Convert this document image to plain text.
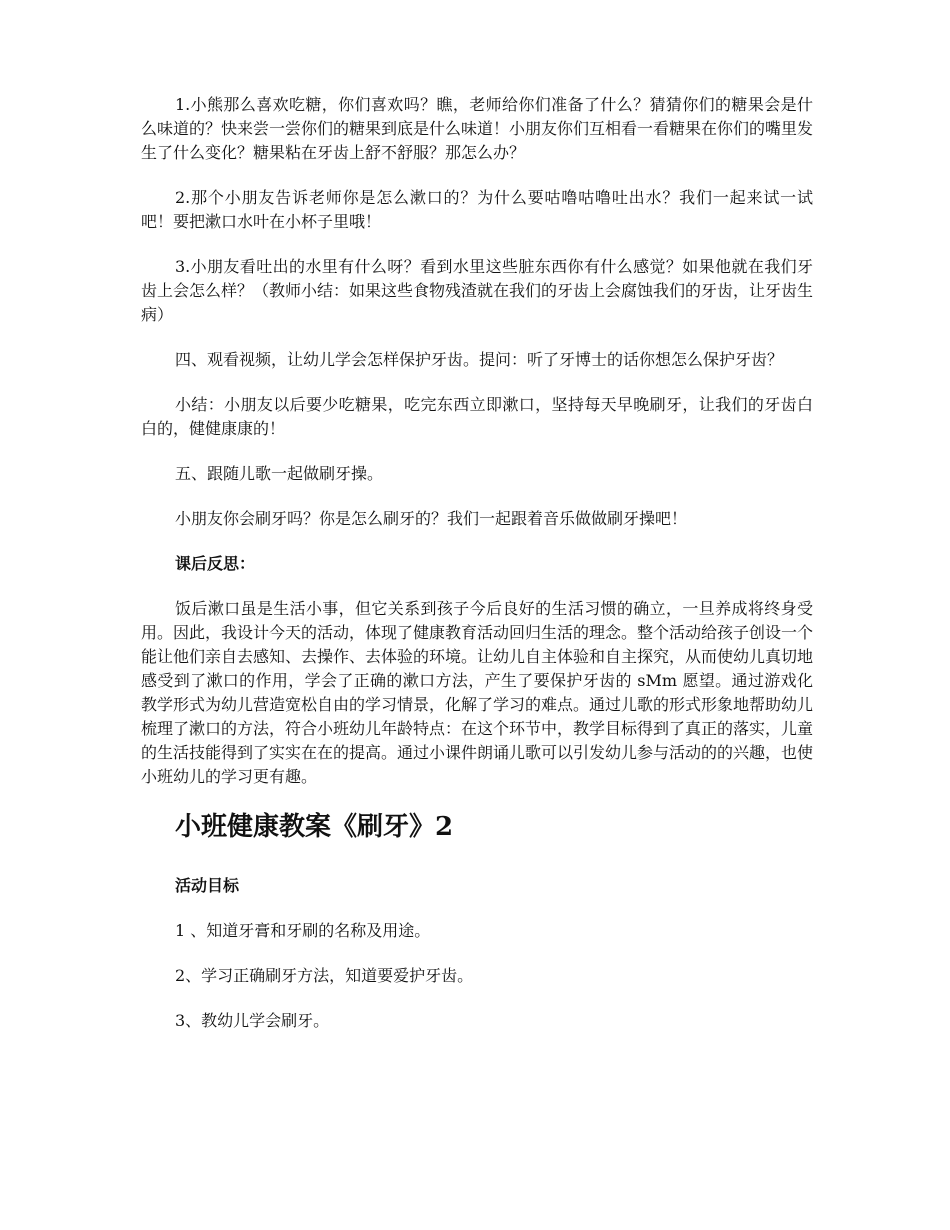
1.小熊那么喜欢吃糖，你们喜欢吗？瞧，老师给你们准备了什么？猜猜你们的糖果会是什么味道的？快来尝一尝你们的糖果到底是什么味道！小朋友你们互相看一看糖果在你们的嘴里发生了什么变化？糖果粘在牙齿上舒不舒服？那怎么办？

2.那个小朋友告诉老师你是怎么漱口的？为什么要咕噜咕噜吐出水？我们一起来试一试吧！要把漱口水叶在小杯子里哦！

3.小朋友看吐出的水里有什么呀？看到水里这些脏东西你有什么感觉？如果他就在我们牙齿上会怎么样？（教师小结：如果这些食物残渣就在我们的牙齿上会腐蚀我们的牙齿，让牙齿生病）

四、观看视频，让幼儿学会怎样保护牙齿。提问：听了牙博士的话你想怎么保护牙齿？

小结：小朋友以后要少吃糖果，吃完东西立即漱口，坚持每天早晚刷牙，让我们的牙齿白白的，健健康康的！

五、跟随儿歌一起做刷牙操。

小朋友你会刷牙吗？你是怎么刷牙的？我们一起跟着音乐做做刷牙操吧！

课后反思：

饭后漱口虽是生活小事，但它关系到孩子今后良好的生活习惯的确立，一旦养成将终身受用。因此，我设计今天的活动，体现了健康教育活动回归生活的理念。整个活动给孩子创设一个能让他们亲自去感知、去操作、去体验的环境。让幼儿自主体验和自主探究，从而使幼儿真切地感受到了漱口的作用，学会了正确的漱口方法，产生了要保护牙齿的 sMm 愿望。通过游戏化教学形式为幼儿营造宽松自由的学习情景，化解了学习的难点。通过儿歌的形式形象地帮助幼儿梳理了漱口的方法，符合小班幼儿年龄特点：在这个环节中，教学目标得到了真正的落实，儿童的生活技能得到了实实在在的提高。通过小课件朗诵儿歌可以引发幼儿参与活动的的兴趣，也使小班幼儿的学习更有趣。

小班健康教案《刷牙》2

活动目标

1 、知道牙膏和牙刷的名称及用途。

2、学习正确刷牙方法，知道要爱护牙齿。

3、教幼儿学会刷牙。
